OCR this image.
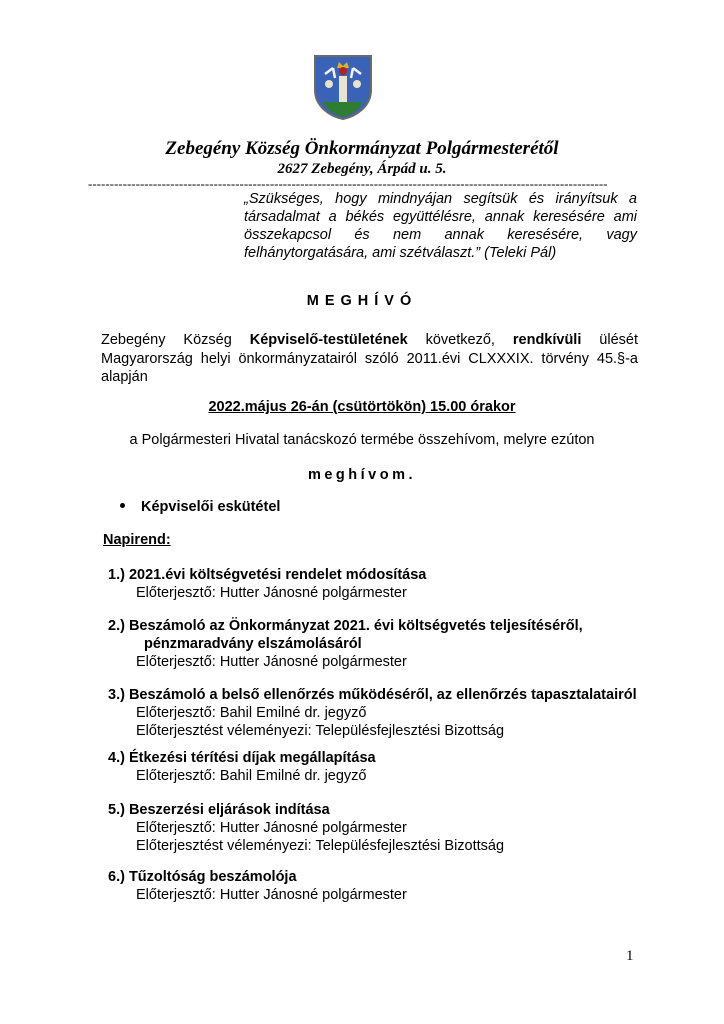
Zebegény Község Önkormányzat Polgármesterétől
2627 Zebegény, Árpád u. 5.
------------------------------------------------------------------------------------------------------------------------
„Szükséges, hogy mindnyájan segítsük és irányítsuk a társadalmat a békés együttélésre, annak keresésére ami összekapcsol és nem annak keresésére, vagy felhánytorgatására, ami szétválaszt.” (Teleki Pál)
MEGHÍVÓ
Zebegény Község Képviselő-testületének következő, rendkívüli ülését Magyarország helyi önkormányzatairól szóló 2011.évi CLXXXIX. törvény 45.§-a alapján
2022.május 26-án (csütörtökön) 15.00 órakor
a Polgármesteri Hivatal tanácskozó termébe összehívom, melyre ezúton
meghívom.
Képviselői eskütétel
Napirend:
1.) 2021.évi költségvetési rendelet módosítása
Előterjesztő: Hutter Jánosné polgármester
2.) Beszámoló az Önkormányzat 2021. évi költségvetés teljesítéséről,
pénzmaradvány elszámolásáról
Előterjesztő: Hutter Jánosné polgármester
3.) Beszámoló a belső ellenőrzés működéséről, az ellenőrzés tapasztalatairól
Előterjesztő: Bahil Emilné dr. jegyző
Előterjesztést véleményezi: Településfejlesztési Bizottság
4.) Étkezési térítési díjak megállapítása
Előterjesztő: Bahil Emilné dr. jegyző
5.) Beszerzési eljárások indítása
Előterjesztő: Hutter Jánosné polgármester
Előterjesztést véleményezi: Településfejlesztési Bizottság
6.) Tűzoltóság beszámolója
Előterjesztő: Hutter Jánosné polgármester
1
